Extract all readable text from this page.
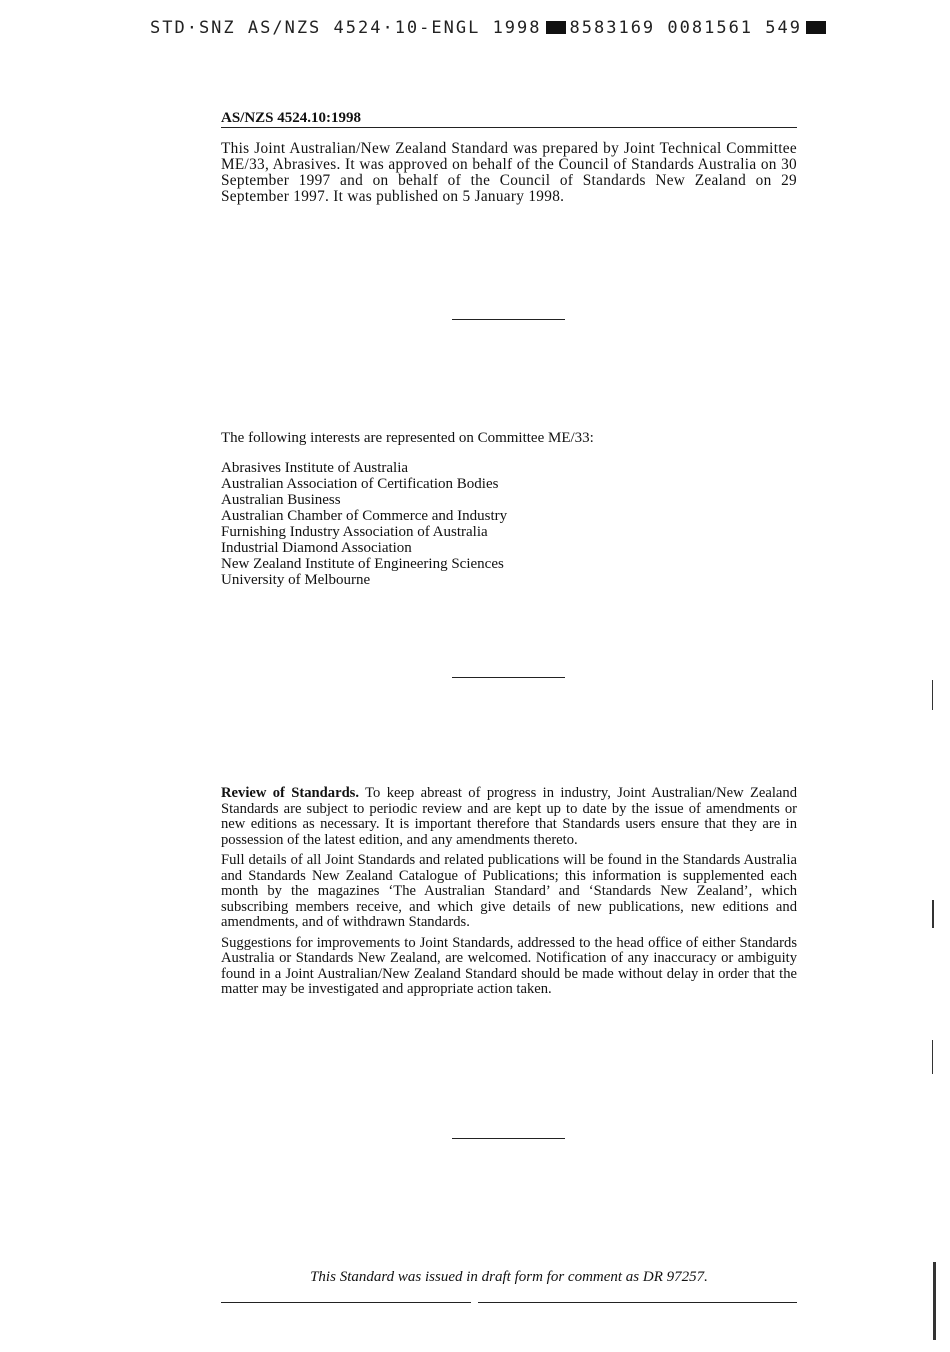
STD·SNZ AS/NZS 4524·10-ENGL 1998 8583169 0081561 549
AS/NZS 4524.10:1998

This Joint Australian/New Zealand Standard was prepared by Joint Technical Committee ME/33, Abrasives. It was approved on behalf of the Council of Standards Australia on 30 September 1997 and on behalf of the Council of Standards New Zealand on 29 September 1997. It was published on 5 January 1998.

The following interests are represented on Committee ME/33:

Abrasives Institute of Australia
Australian Association of Certification Bodies
Australian Business
Australian Chamber of Commerce and Industry
Furnishing Industry Association of Australia
Industrial Diamond Association
New Zealand Institute of Engineering Sciences
University of Melbourne

Review of Standards. To keep abreast of progress in industry, Joint Australian/New Zealand Standards are subject to periodic review and are kept up to date by the issue of amendments or new editions as necessary. It is important therefore that Standards users ensure that they are in possession of the latest edition, and any amendments thereto.

Full details of all Joint Standards and related publications will be found in the Standards Australia and Standards New Zealand Catalogue of Publications; this information is supplemented each month by the magazines ‘The Australian Standard’ and ‘Standards New Zealand’, which subscribing members receive, and which give details of new publications, new editions and amendments, and of withdrawn Standards.

Suggestions for improvements to Joint Standards, addressed to the head office of either Standards Australia or Standards New Zealand, are welcomed. Notification of any inaccuracy or ambiguity found in a Joint Australian/New Zealand Standard should be made without delay in order that the matter may be investigated and appropriate action taken.

This Standard was issued in draft form for comment as DR 97257.
